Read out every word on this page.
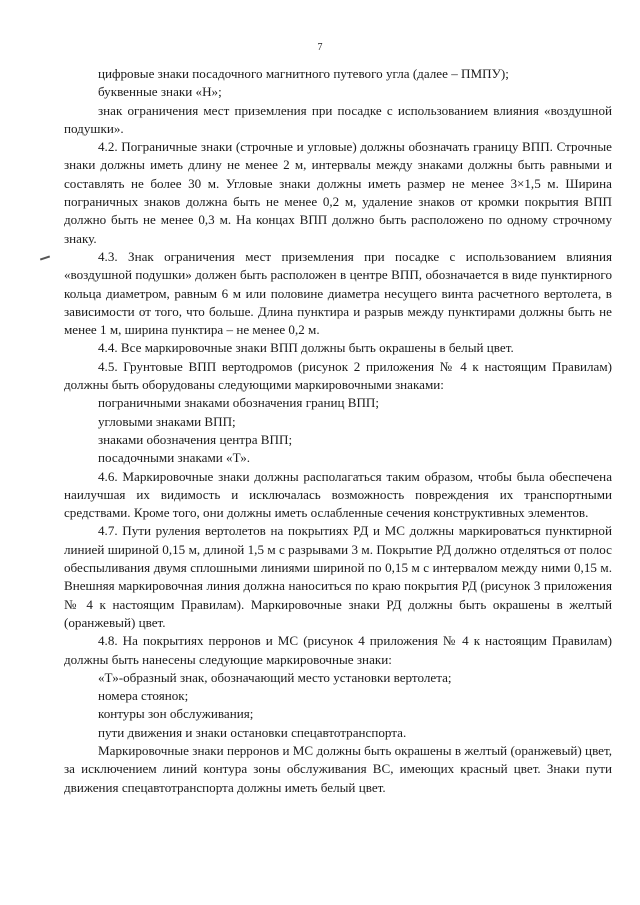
7

цифровые знаки посадочного магнитного путевого угла (далее – ПМПУ);

буквенные знаки «Н»;

знак ограничения мест приземления при посадке с использованием влияния «воздушной подушки».

4.2. Пограничные знаки (строчные и угловые) должны обозначать границу ВПП. Строчные знаки должны иметь длину не менее 2 м, интервалы между знаками должны быть равными и составлять не более 30 м. Угловые знаки должны иметь размер не менее 3×1,5 м. Ширина пограничных знаков должна быть не менее 0,2 м, удаление знаков от кромки покрытия ВПП должно быть не менее 0,3 м. На концах ВПП должно быть расположено по одному строчному знаку.

4.3. Знак ограничения мест приземления при посадке с использованием влияния «воздушной подушки» должен быть расположен в центре ВПП, обозначается в виде пунктирного кольца диаметром, равным 6 м или половине диаметра несущего винта расчетного вертолета, в зависимости от того, что больше. Длина пунктира и разрыв между пунктирами должны быть не менее 1 м, ширина пунктира – не менее 0,2 м.

4.4. Все маркировочные знаки ВПП должны быть окрашены в белый цвет.

4.5. Грунтовые ВПП вертодромов (рисунок 2 приложения № 4 к настоящим Правилам) должны быть оборудованы следующими маркировочными знаками:

пограничными знаками обозначения границ ВПП;

угловыми знаками ВПП;

знаками обозначения центра ВПП;

посадочными знаками «Т».

4.6. Маркировочные знаки должны располагаться таким образом, чтобы была обеспечена наилучшая их видимость и исключалась возможность повреждения их транспортными средствами. Кроме того, они должны иметь ослабленные сечения конструктивных элементов.

4.7. Пути руления вертолетов на покрытиях РД и МС должны маркироваться пунктирной линией шириной 0,15 м, длиной 1,5 м с разрывами 3 м. Покрытие РД должно отделяться от полос обеспыливания двумя сплошными линиями шириной по 0,15 м с интервалом между ними 0,15 м. Внешняя маркировочная линия должна наноситься по краю покрытия РД (рисунок 3 приложения № 4 к настоящим Правилам). Маркировочные знаки РД должны быть окрашены в желтый (оранжевый) цвет.

4.8. На покрытиях перронов и МС (рисунок 4 приложения № 4 к настоящим Правилам) должны быть нанесены следующие маркировочные знаки:

«Т»-образный знак, обозначающий место установки вертолета;

номера стоянок;

контуры зон обслуживания;

пути движения и знаки остановки спецавтотранспорта.

Маркировочные знаки перронов и МС должны быть окрашены в желтый (оранжевый) цвет, за исключением линий контура зоны обслуживания ВС, имеющих красный цвет. Знаки пути движения спецавтотранспорта должны иметь белый цвет.
